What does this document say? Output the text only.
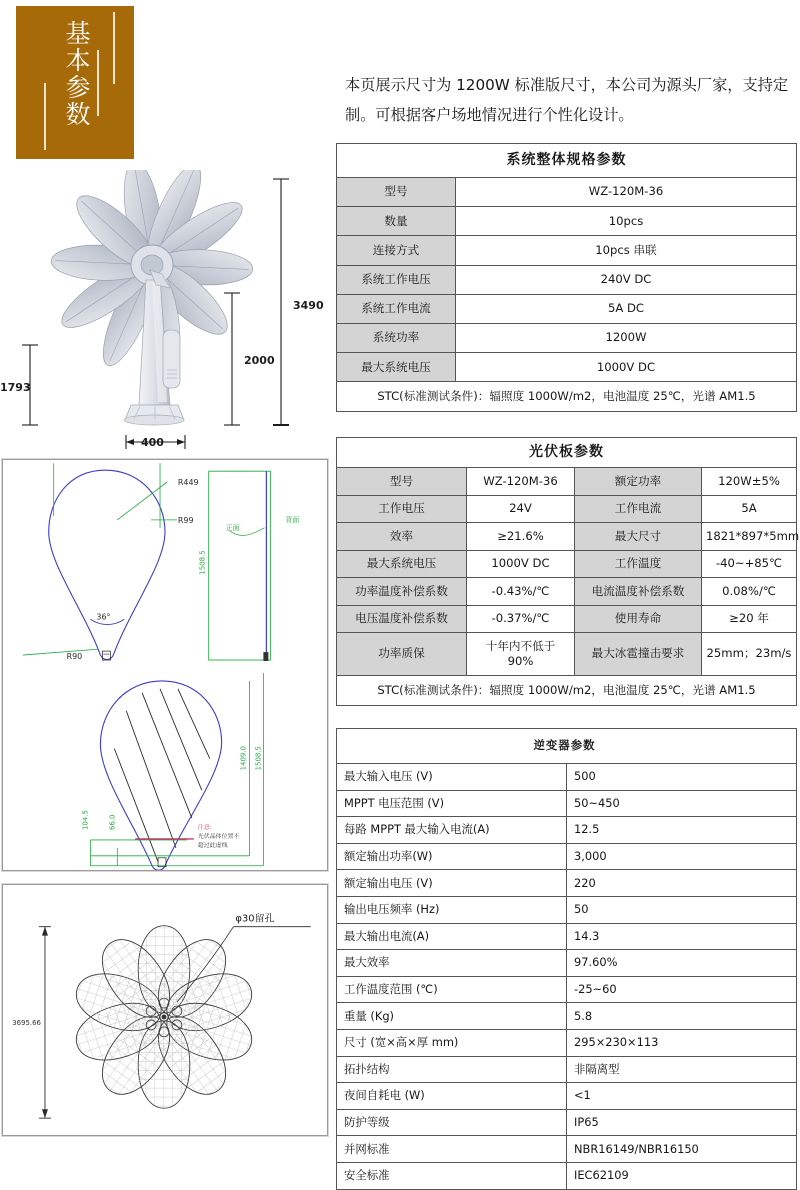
基本参数	本页展示尺寸为 1200W 标准版尺寸，本公司为源头厂家，支持定制。可根据客户场地情况进行个性化设计。
3490
2000
1793
400
R449
R99
R90
36°
正面
背面
1508.5
1409.0 1508.5
104.5	66.0	注意:
光伏晶体位置不
超过此虚线
φ30留孔
3695.66
系统整体规格参数	
型号	WZ-120M-36
数量	10pcs
连接方式	10pcs 串联
系统工作电压	240V DC
系统工作电流	5A DC
系统功率	1200W
最大系统电压	1000V DC
STC(标准测试条件)：辐照度 1000W/m2，电池温度 25℃，光谱 AM1.5	
光伏板参数			
型号	WZ-120M-36	额定功率	120W±5%
工作电压	24V	工作电流	5A
效率	≥21.6%	最大尺寸	1821*897*5mm
最大系统电压	1000V DC	工作温度	-40~+85℃
功率温度补偿系数	-0.43%/℃	电流温度补偿系数	0.08%/℃
电压温度补偿系数	-0.37%/℃	使用寿命	≥20 年
功率质保	十年内不低于 90%	最大冰雹撞击要求	25mm；23m/s
STC(标准测试条件)：辐照度 1000W/m2，电池温度 25℃，光谱 AM1.5			
逆变器参数	
最大输入电压 (V)	500
MPPT 电压范围 (V)	50~450
每路 MPPT 最大输入电流(A)	12.5
额定输出功率(W)	3,000
额定输出电压 (V)	220
输出电压频率 (Hz)	50
最大输出电流(A)	14.3
最大效率	97.60%
工作温度范围 (℃)	-25~60
重量 (Kg)	5.8
尺寸 (宽×高×厚 mm)	295×230×113
拓扑结构	非隔离型
夜间自耗电 (W)	<1
防护等级	IP65
并网标准	NBR16149/NBR16150
安全标准	IEC62109
